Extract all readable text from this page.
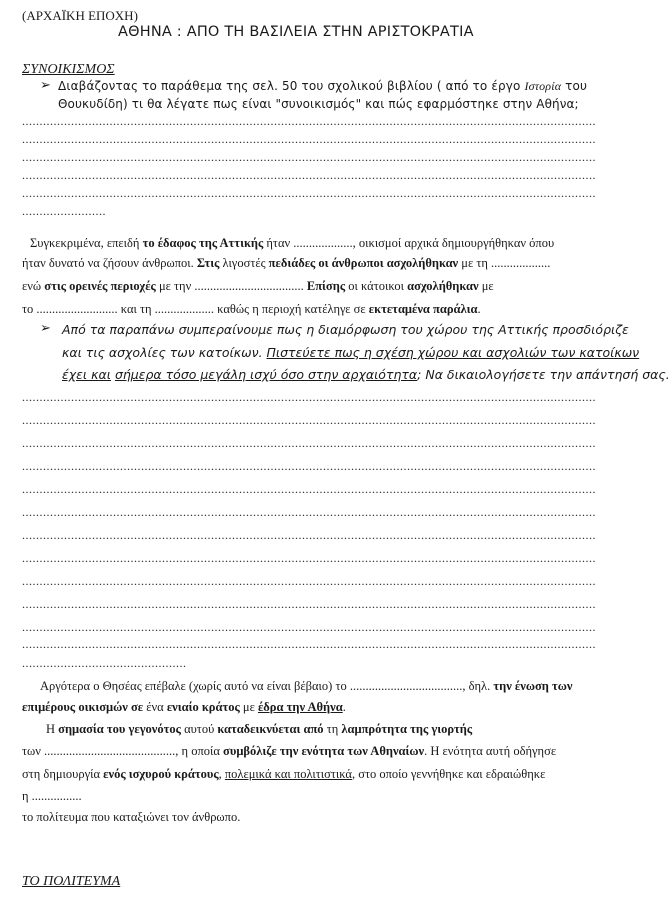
(ΑΡΧΑΪΚΗ ΕΠΟΧΗ)
ΑΘΗΝΑ : ΑΠΟ ΤΗ ΒΑΣΙΛΕΙΑ ΣΤΗΝ ΑΡΙΣΤΟΚΡΑΤΙΑ
ΣΥΝΟΙΚΙΣΜΟΣ
➢ Διαβάζοντας το παράθεμα της σελ. 50 του σχολικού βιβλίου ( από το έργο Ιστορία του
Θουκυδίδη) τι θα λέγατε πως είναι "συνοικισμός" και πώς εφαρμόστηκε στην Αθήνα;
....................................................................................................................................................................
....................................................................................................................................................................
....................................................................................................................................................................
....................................................................................................................................................................
....................................................................................................................................................................
........................
Συγκεκριμένα, επειδή το έδαφος της Αττικής ήταν ..................., οικισμοί αρχικά δημιουργήθηκαν όπου
ήταν δυνατό να ζήσουν άνθρωποι. Στις λιγοστές πεδιάδες οι άνθρωποι ασχολήθηκαν με τη ...................
ενώ στις ορεινές περιοχές με την ................................... Επίσης οι κάτοικοι ασχολήθηκαν με
το .......................... και τη ................... καθώς η περιοχή κατέληγε σε εκτεταμένα παράλια.
➢ Από τα παραπάνω συμπεραίνουμε πως η διαμόρφωση του χώρου της Αττικής προσδιόριζε
και τις ασχολίες των κατοίκων. Πιστεύετε πως η σχέση χώρου και ασχολιών των κατοίκων
έχει και σήμερα τόσο μεγάλη ισχύ όσο στην αρχαιότητα; Να δικαιολογήσετε την απάντησή σας.
....................................................................................................................................................................
....................................................................................................................................................................
....................................................................................................................................................................
....................................................................................................................................................................
....................................................................................................................................................................
....................................................................................................................................................................
....................................................................................................................................................................
....................................................................................................................................................................
....................................................................................................................................................................
....................................................................................................................................................................
....................................................................................................................................................................
....................................................................................................................................................................
...............................................
Αργότερα ο Θησέας επέβαλε (χωρίς αυτό να είναι βέβαιο) το ...................................., δηλ. την ένωση των
επιμέρους οικισμών σε ένα ενιαίο κράτος με έδρα την Αθήνα.
Η σημασία του γεγονότος αυτού καταδεικνύεται από τη λαμπρότητα της γιορτής
των .........................................., η οποία συμβόλιζε την ενότητα των Αθηναίων. Η ενότητα αυτή οδήγησε
στη δημιουργία ενός ισχυρού κράτους, πολεμικά και πολιτιστικά, στο οποίο γεννήθηκε και εδραιώθηκε
η ................
το πολίτευμα που καταξιώνει τον άνθρωπο.
ΤΟ ΠΟΛΙΤΕΥΜΑ
